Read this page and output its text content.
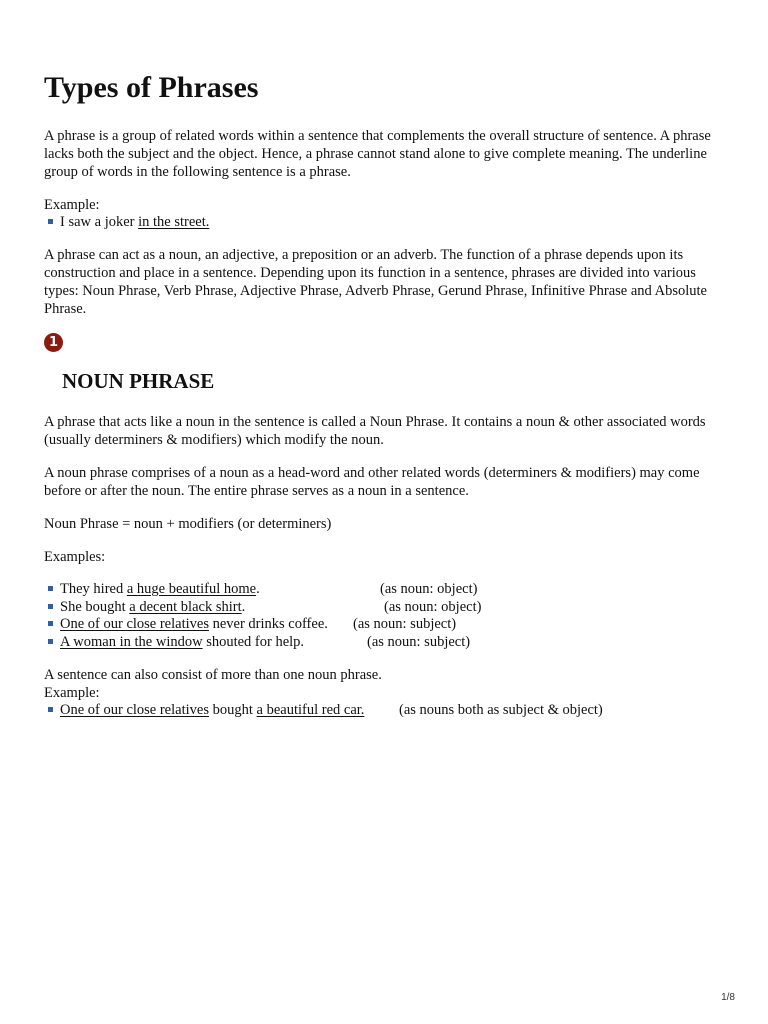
Types of Phrases

A phrase is a group of related words within a sentence that complements the overall structure of sentence. A phrase lacks both the subject and the object. Hence, a phrase cannot stand alone to give complete meaning. The underline group of words in the following sentence is a phrase.

Example:

I saw a joker in the street.

A phrase can act as a noun, an adjective, a preposition or an adverb. The function of a phrase depends upon its construction and place in a sentence. Depending upon its function in a sentence, phrases are divided into various types: Noun Phrase, Verb Phrase, Adjective Phrase, Adverb Phrase, Gerund Phrase, Infinitive Phrase and Absolute Phrase.

1
NOUN PHRASE

A phrase that acts like a noun in the sentence is called a Noun Phrase. It contains a noun & other associated words (usually determiners & modifiers) which modify the noun.

A noun phrase comprises of a noun as a head-word and other related words (determiners & modifiers) may come before or after the noun. The entire phrase serves as a noun in a sentence.

Noun Phrase = noun + modifiers (or determiners)

Examples:

They hired a huge beautiful home.	(as noun: object)
She bought a decent black shirt.	(as noun: object)
One of our close relatives never drinks coffee. (as noun: subject)
A woman in the window shouted for help.	(as noun: subject)

A sentence can also consist of more than one noun phrase.

Example:

One of our close relatives bought a beautiful red car. (as nouns both as subject & object)
1/8
